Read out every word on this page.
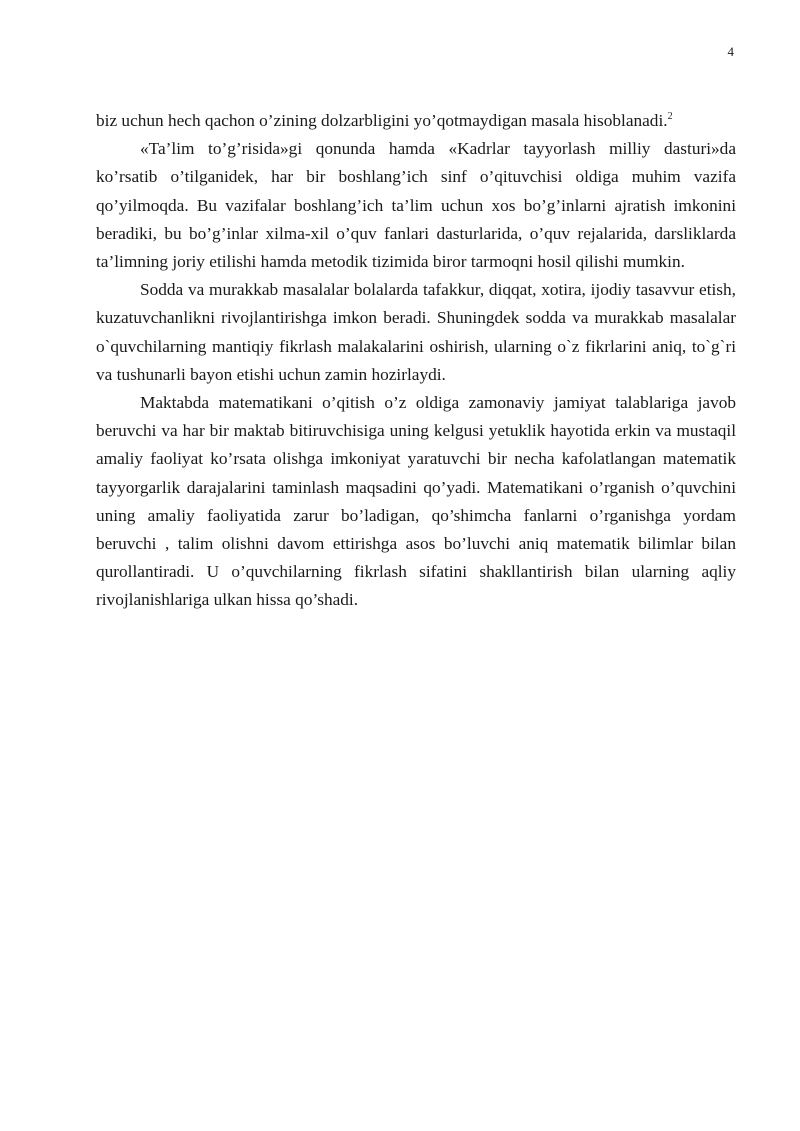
4

biz uchun hech qachon o’zining dolzarbligini yo’qotmaydigan masala hisoblanadi.$^2$

«Ta’lim to’g’risida»gi qonunda hamda «Kadrlar tayyorlash milliy dasturi»da ko’rsatib o’tilganidek, har bir boshlang’ich sinf o’qituvchisi oldiga muhim vazifa qo’yilmoqda. Bu vazifalar boshlang’ich ta’lim uchun xos bo’g’inlarni ajratish imkonini beradiki, bu bo’g’inlar xilma-xil o’quv fanlari dasturlarida, o’quv rejalarida, darsliklarda ta’limning joriy etilishi hamda metodik tizimida biror tarmoqni hosil qilishi mumkin.

Sodda va murakkab masalalar bolalarda tafakkur, diqqat, xotira, ijodiy tasavvur etish, kuzatuvchanlikni rivojlantirishga imkon beradi. Shuningdek sodda va murakkab masalalar o`quvchilarning mantiqiy fikrlash malakalarini oshirish, ularning o`z fikrlarini aniq, to`g`ri va tushunarli bayon etishi uchun zamin hozirlaydi.

Maktabda matematikani o’qitish o’z oldiga zamonaviy jamiyat talablariga javob beruvchi va har bir maktab bitiruvchisiga uning kelgusi yetuklik hayotida erkin va mustaqil amaliy faoliyat ko’rsata olishga imkoniyat yaratuvchi bir necha kafolatlangan matematik tayyorgarlik darajalarini taminlash maqsadini qo’yadi. Matematikani o’rganish o’quvchini uning amaliy faoliyatida zarur bo’ladigan, qo’shimcha fanlarni o’rganishga yordam beruvchi , talim olishni davom ettirishga asos bo’luvchi aniq matematik bilimlar bilan qurollantiradi. U o’quvchilarning fikrlash sifatini shakllantirish bilan ularning aqliy rivojlanishlariga ulkan hissa qo’shadi.
